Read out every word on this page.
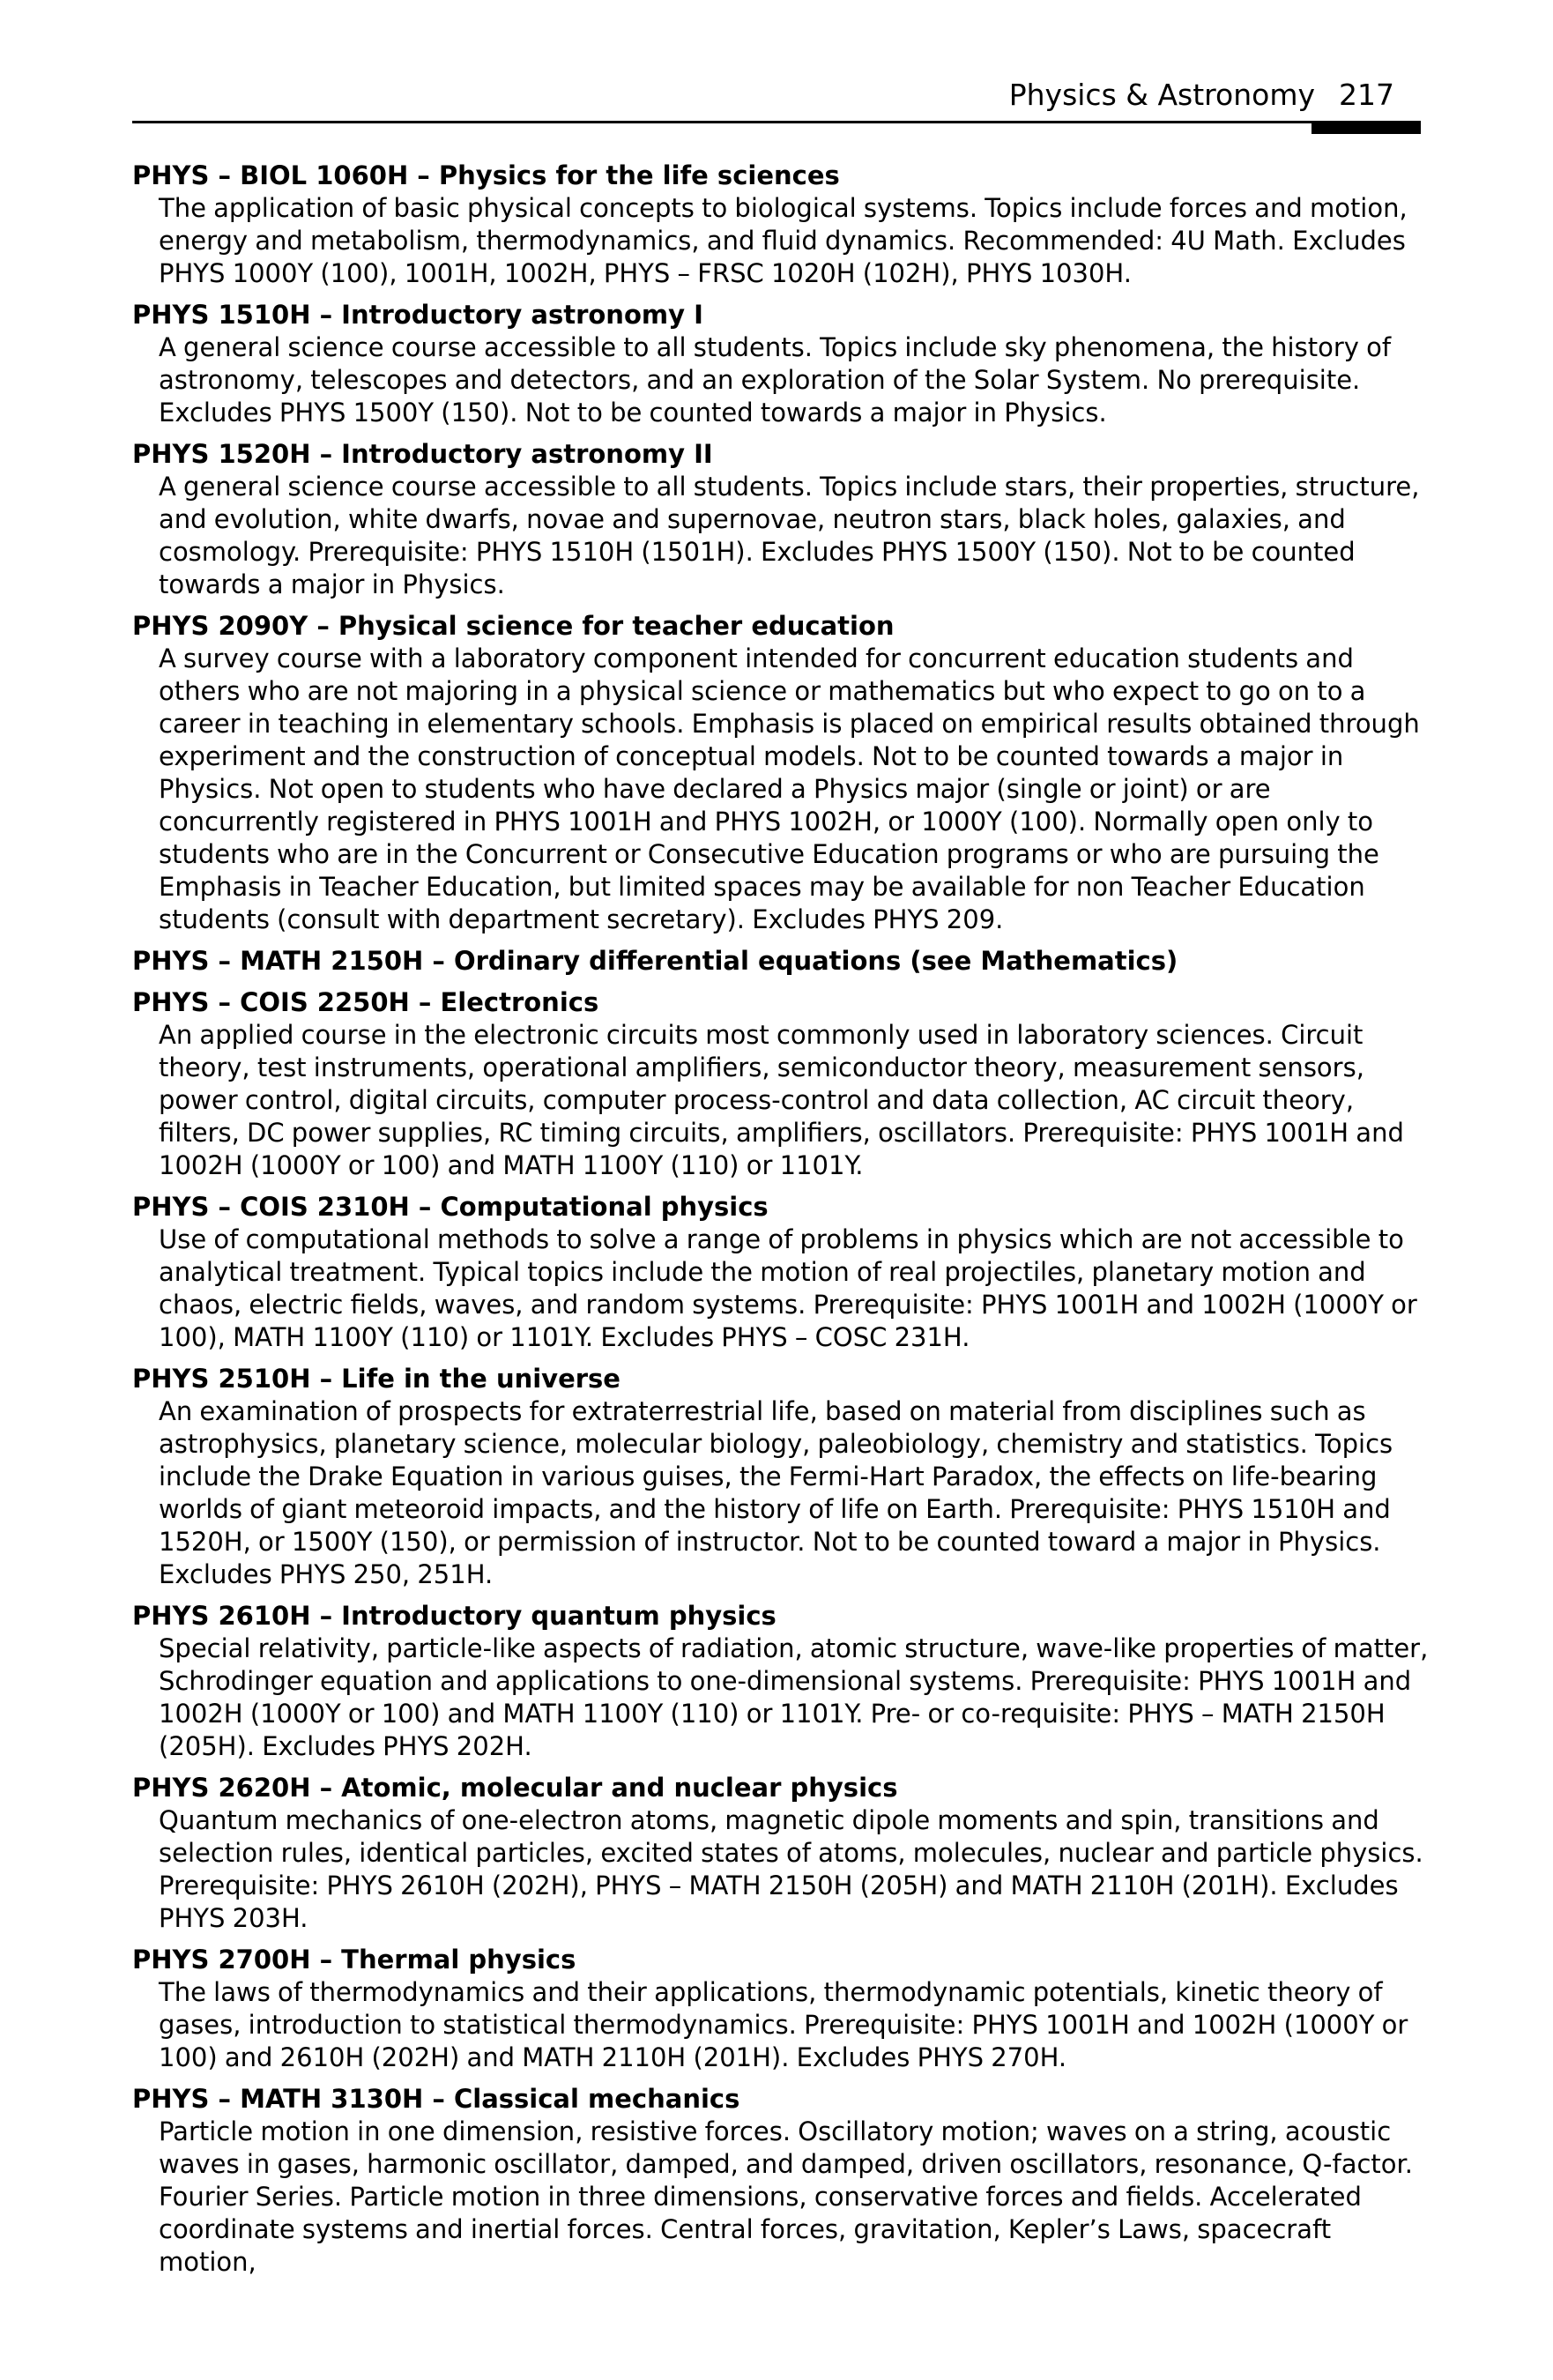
Physics & Astronomy 217
PHYS – BIOL 1060H – Physics for the life sciences
The application of basic physical concepts to biological systems. Topics include forces and motion, energy and metabolism, thermodynamics, and fluid dynamics. Recommended: 4U Math. Excludes PHYS 1000Y (100), 1001H, 1002H, PHYS – FRSC 1020H (102H), PHYS 1030H.
PHYS 1510H – Introductory astronomy I
A general science course accessible to all students. Topics include sky phenomena, the history of astronomy, telescopes and detectors, and an exploration of the Solar System. No prerequisite. Excludes PHYS 1500Y (150). Not to be counted towards a major in Physics.
PHYS 1520H – Introductory astronomy II
A general science course accessible to all students. Topics include stars, their properties, structure, and evolution, white dwarfs, novae and supernovae, neutron stars, black holes, galaxies, and cosmology. Prerequisite: PHYS 1510H (1501H). Excludes PHYS 1500Y (150). Not to be counted towards a major in Physics.
PHYS 2090Y – Physical science for teacher education
A survey course with a laboratory component intended for concurrent education students and others who are not majoring in a physical science or mathematics but who expect to go on to a career in teaching in elementary schools. Emphasis is placed on empirical results obtained through experiment and the construction of conceptual models. Not to be counted towards a major in Physics. Not open to students who have declared a Physics major (single or joint) or are concurrently registered in PHYS 1001H and PHYS 1002H, or 1000Y (100). Normally open only to students who are in the Concurrent or Consecutive Education programs or who are pursuing the Emphasis in Teacher Education, but limited spaces may be available for non Teacher Education students (consult with department secretary). Excludes PHYS 209.
PHYS – MATH 2150H – Ordinary differential equations (see Mathematics)
PHYS – COIS 2250H – Electronics
An applied course in the electronic circuits most commonly used in laboratory sciences. Circuit theory, test instruments, operational amplifiers, semiconductor theory, measurement sensors, power control, digital circuits, computer process-control and data collection, AC circuit theory, filters, DC power supplies, RC timing circuits, amplifiers, oscillators. Prerequisite: PHYS 1001H and 1002H (1000Y or 100) and MATH 1100Y (110) or 1101Y.
PHYS – COIS 2310H – Computational physics
Use of computational methods to solve a range of problems in physics which are not accessible to analytical treatment. Typical topics include the motion of real projectiles, planetary motion and chaos, electric fields, waves, and random systems. Prerequisite: PHYS 1001H and 1002H (1000Y or 100), MATH 1100Y (110) or 1101Y. Excludes PHYS – COSC 231H.
PHYS 2510H – Life in the universe
An examination of prospects for extraterrestrial life, based on material from disciplines such as astrophysics, planetary science, molecular biology, paleobiology, chemistry and statistics. Topics include the Drake Equation in various guises, the Fermi-Hart Paradox, the effects on life-bearing worlds of giant meteoroid impacts, and the history of life on Earth. Prerequisite: PHYS 1510H and 1520H, or 1500Y (150), or permission of instructor. Not to be counted toward a major in Physics. Excludes PHYS 250, 251H.
PHYS 2610H – Introductory quantum physics
Special relativity, particle-like aspects of radiation, atomic structure, wave-like properties of matter, Schrodinger equation and applications to one-dimensional systems. Prerequisite: PHYS 1001H and 1002H (1000Y or 100) and MATH 1100Y (110) or 1101Y. Pre- or co-requisite: PHYS – MATH 2150H (205H). Excludes PHYS 202H.
PHYS 2620H – Atomic, molecular and nuclear physics
Quantum mechanics of one-electron atoms, magnetic dipole moments and spin, transitions and selection rules, identical particles, excited states of atoms, molecules, nuclear and particle physics. Prerequisite: PHYS 2610H (202H), PHYS – MATH 2150H (205H) and MATH 2110H (201H). Excludes PHYS 203H.
PHYS 2700H – Thermal physics
The laws of thermodynamics and their applications, thermodynamic potentials, kinetic theory of gases, introduction to statistical thermodynamics. Prerequisite: PHYS 1001H and 1002H (1000Y or 100) and 2610H (202H) and MATH 2110H (201H). Excludes PHYS 270H.
PHYS – MATH 3130H – Classical mechanics
Particle motion in one dimension, resistive forces. Oscillatory motion; waves on a string, acoustic waves in gases, harmonic oscillator, damped, and damped, driven oscillators, resonance, Q-factor. Fourier Series. Particle motion in three dimensions, conservative forces and fields. Accelerated coordinate systems and inertial forces. Central forces, gravitation, Kepler’s Laws, spacecraft motion,
